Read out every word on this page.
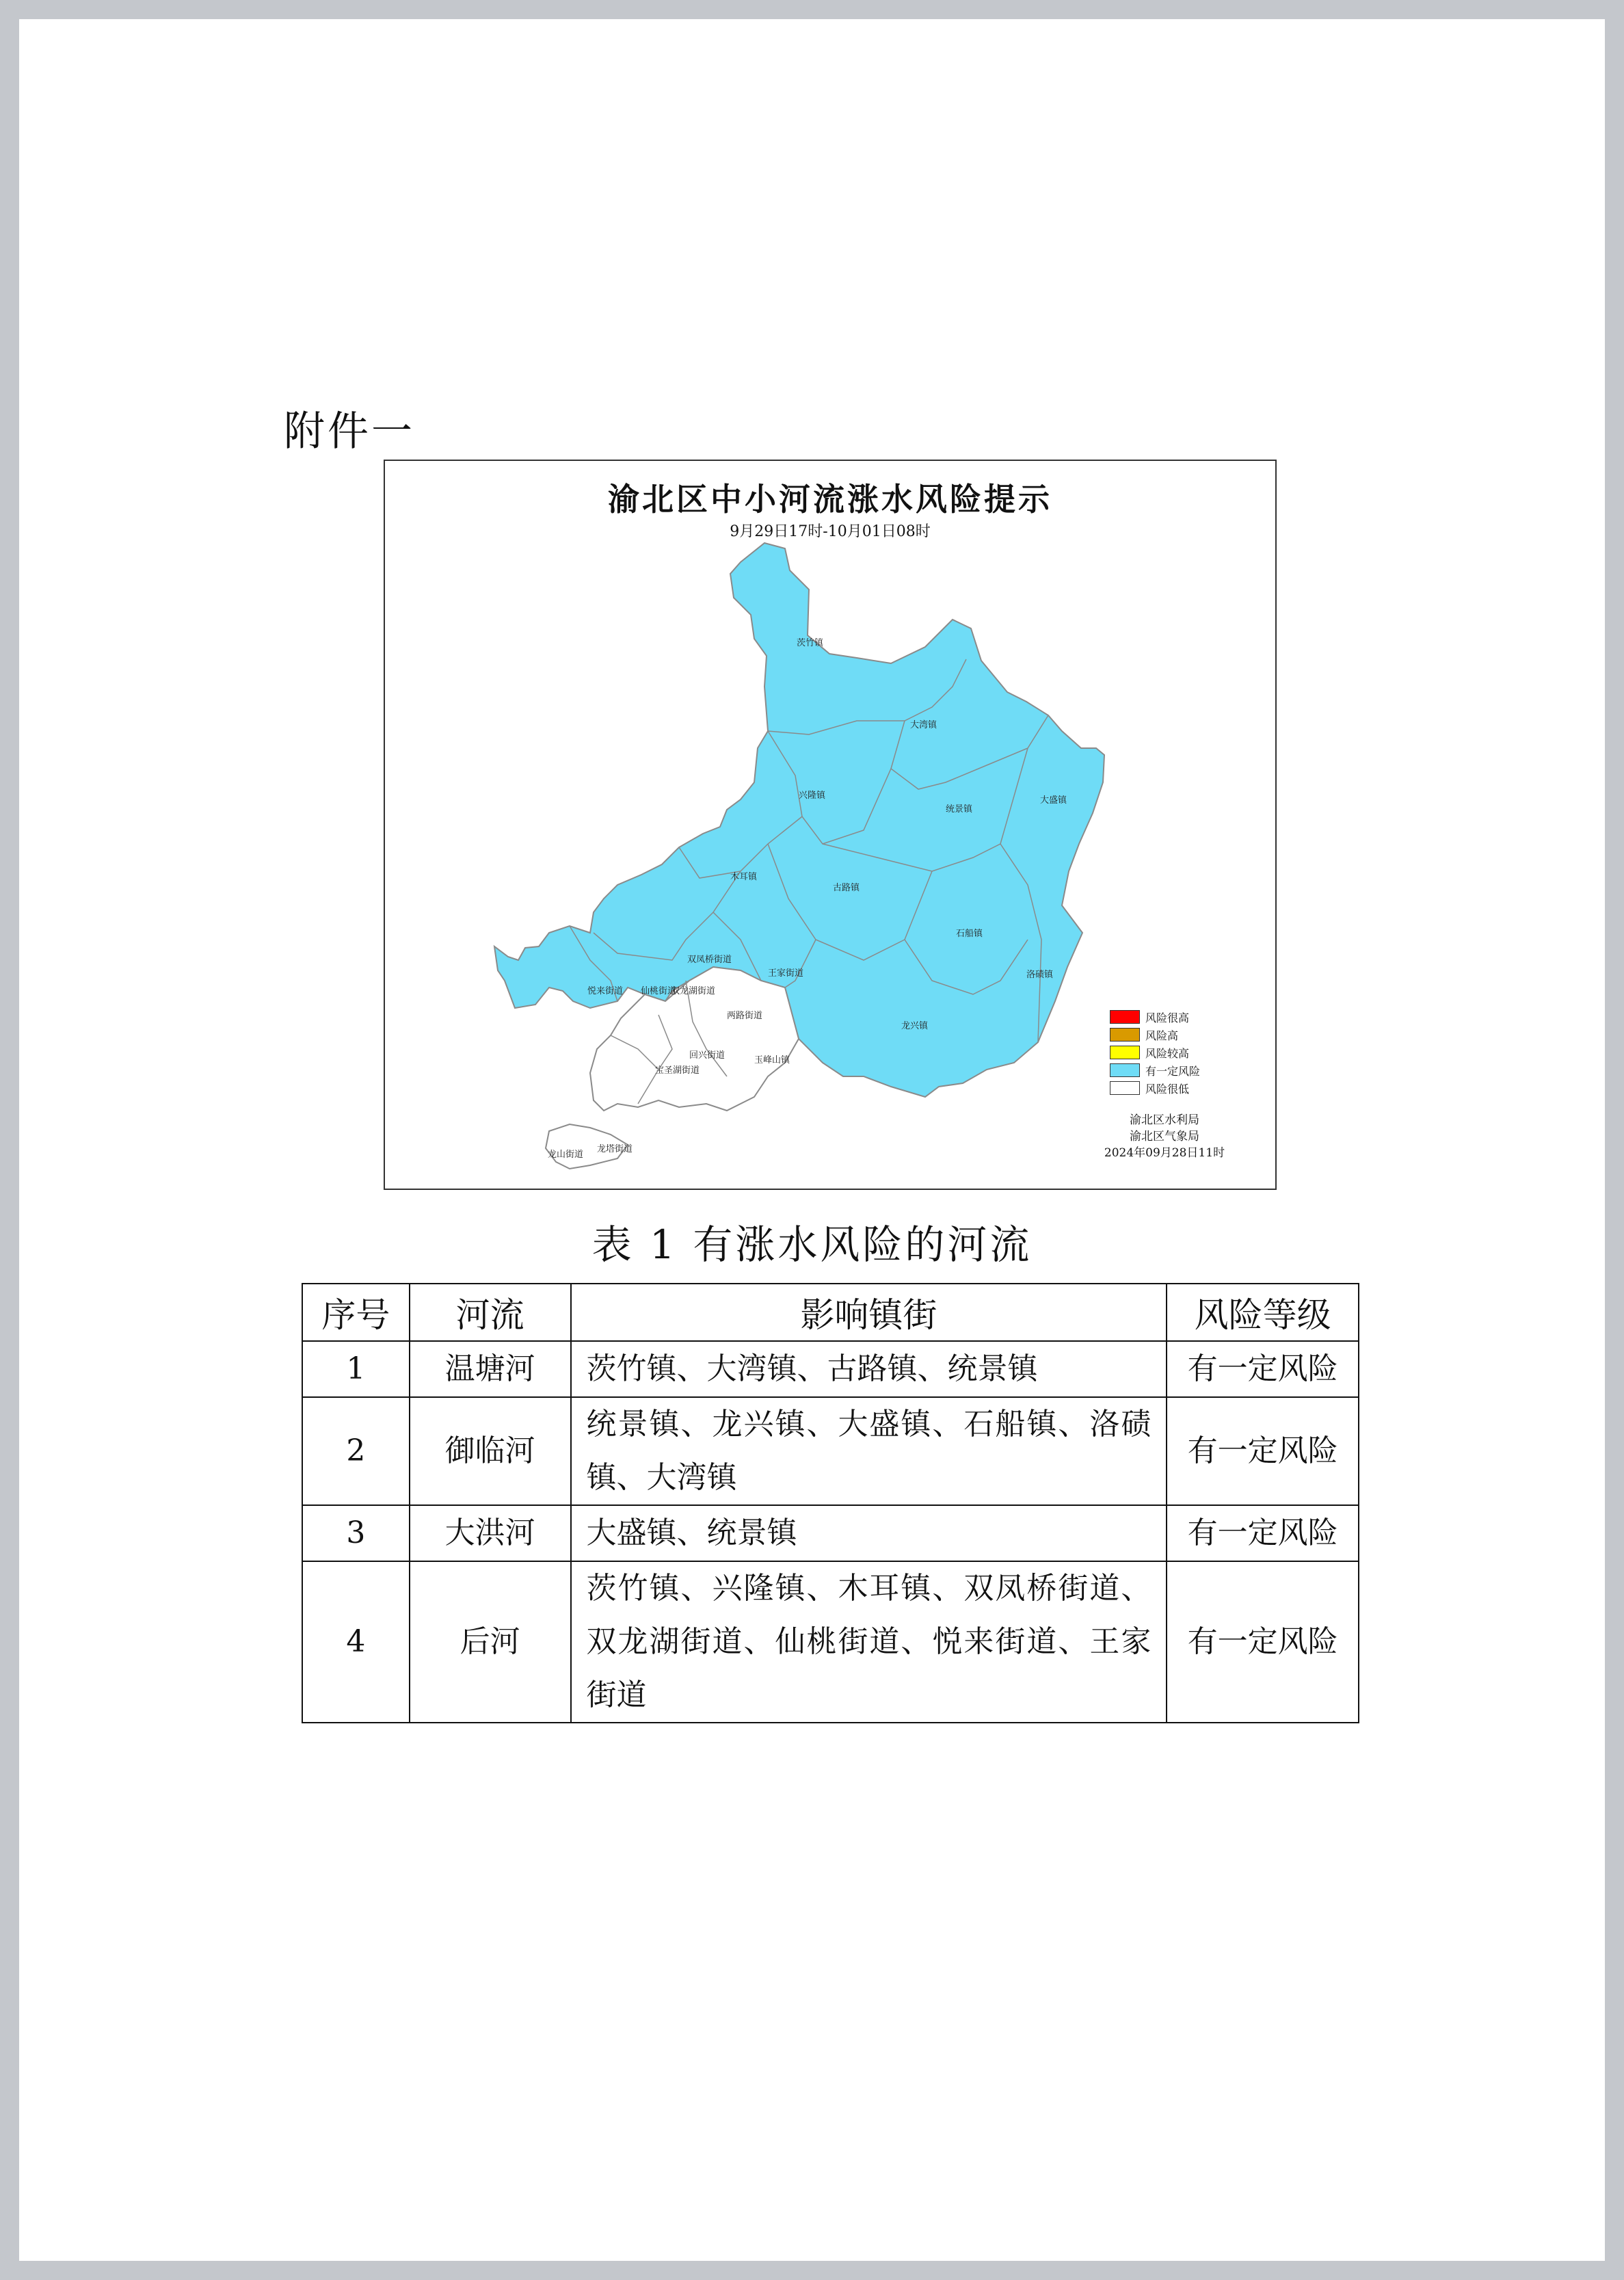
附件一
渝北区中小河流涨水风险提示
9月29日17时-10月01日08时
茨竹镇
大湾镇
兴隆镇
统景镇
大盛镇
木耳镇
古路镇
石船镇
双凤桥街道
王家街道	洛碛镇
悦来街道 仙桃街道
双龙湖街道
两路街道
龙兴镇
回兴街道	玉峰山镇
宝圣湖街道
龙山街道
龙塔街道
风险很高
风险高
风险较高
有一定风险
风险很低
渝北区水利局
渝北区气象局
2024年09月28日11时
表 1 有涨水风险的河流
序号	河流	影响镇街	风险等级
1	温塘河	茨竹镇、大湾镇、古路镇、统景镇	有一定风险
2	御临河	统景镇、龙兴镇、大盛镇、石船镇、洛碛镇、大湾镇	有一定风险
3	大洪河	大盛镇、统景镇	有一定风险
4	后河	茨竹镇、兴隆镇、木耳镇、双凤桥街道、双龙湖街道、仙桃街道、悦来街道、王家街道	有一定风险
